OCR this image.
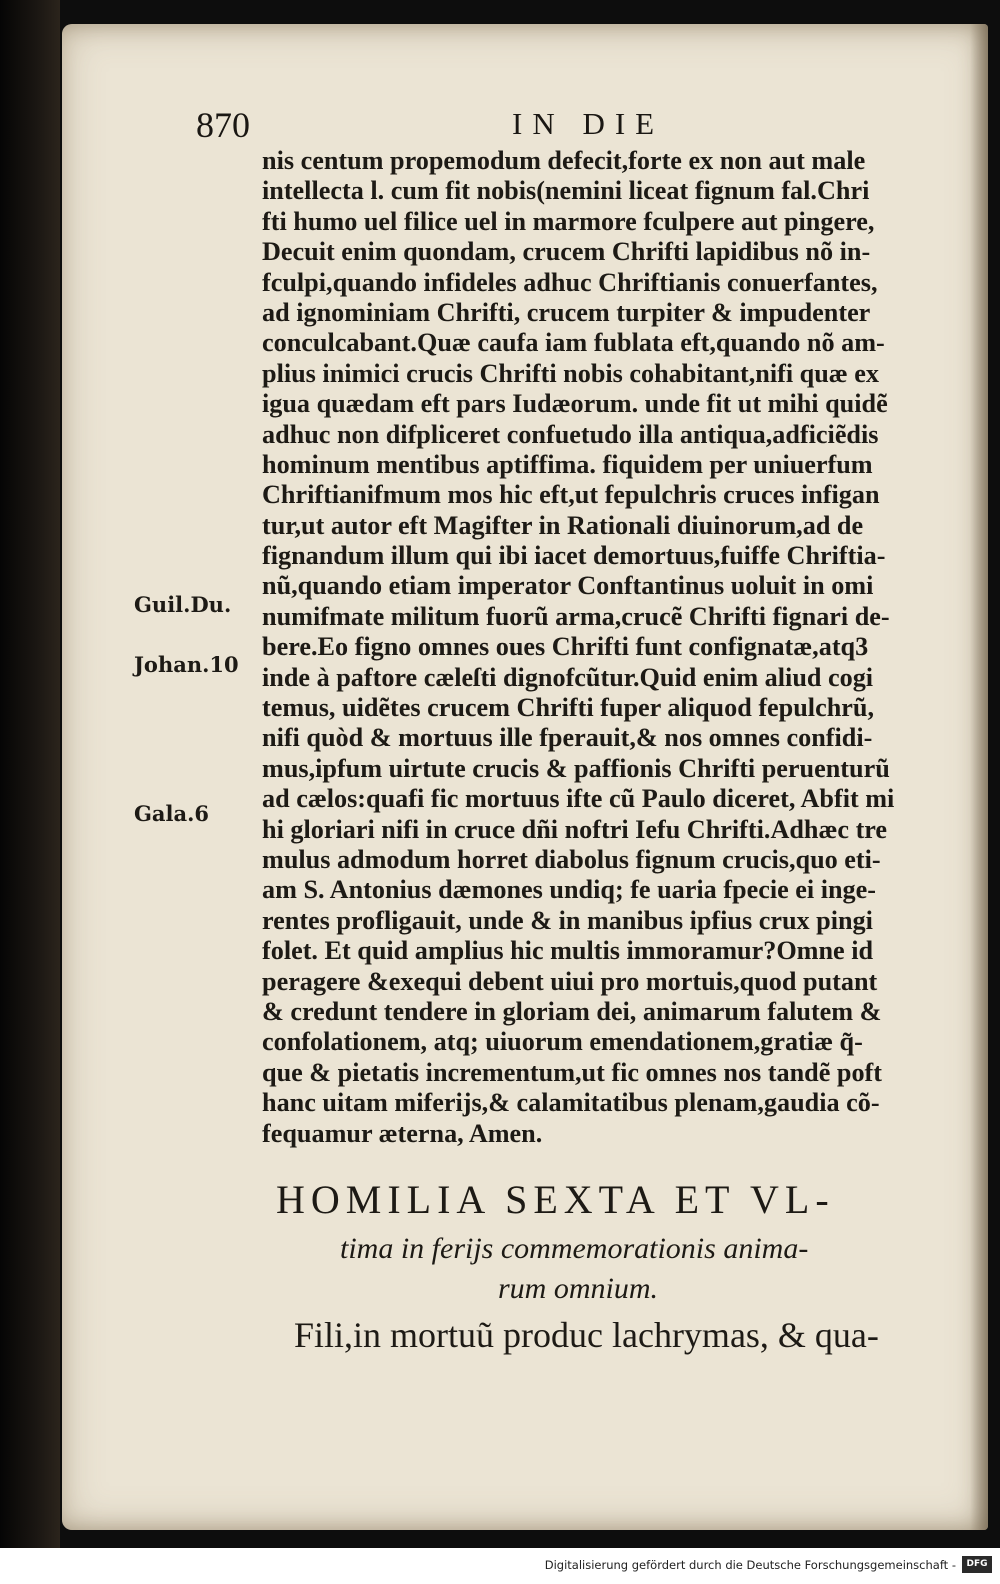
870	IN DIE
nis centum propemodum defecit,forte ex non aut male
intellecta l. cum fit nobis(nemini liceat fignum fal.Chri
fti humo uel filice uel in marmore fculpere aut pingere,
Decuit enim quondam, crucem Chrifti lapidibus nõ in-
fculpi,quando infideles adhuc Chriftianis conuerfantes,
ad ignominiam Chrifti, crucem turpiter & impudenter
conculcabant.Quæ caufa iam fublata eft,quando nõ am-
plius inimici crucis Chrifti nobis cohabitant,nifi quæ ex
igua quædam eft pars Iudæorum. unde fit ut mihi quidẽ
adhuc non difpliceret confuetudo illa antiqua,adficiẽdis
hominum mentibus aptiffima. fiquidem per uniuerfum
Chriftianifmum mos hic eft,ut fepulchris cruces infigan
tur,ut autor eft Magifter in Rationali diuinorum,ad de
fignandum illum qui ibi iacet demortuus,fuiffe Chriftia-
nũ,quando etiam imperator Conftantinus uoluit in omi
numifmate militum fuorũ arma,crucẽ Chrifti fignari de-
bere.Eo figno omnes oues Chrifti funt confignatæ,atq3
inde à paftore cæleſti dignofcũtur.Quid enim aliud cogi
temus, uidẽtes crucem Chrifti fuper aliquod fepulchrũ,
nifi quòd & mortuus ille fperauit,& nos omnes confidi-
mus,ipfum uirtute crucis & paffionis Chrifti peruenturũ
ad cælos:quafi fic mortuus ifte cũ Paulo diceret, Abfit mi
hi gloriari nifi in cruce dñi noftri Iefu Chrifti.Adhæc tre
mulus admodum horret diabolus fignum crucis,quo eti-
am S. Antonius dæmones undiq; fe uaria fpecie ei inge-
rentes profligauit, unde & in manibus ipfius crux pingi
folet. Et quid amplius hic multis immoramur?Omne id
peragere &exequi debent uiui pro mortuis,quod putant
& credunt tendere in gloriam dei, animarum falutem &
confolationem, atq; uiuorum emendationem,gratiæ q̃-
que & pietatis incrementum,ut fic omnes nos tandẽ poft
hanc uitam miferijs,& calamitatibus plenam,gaudia cõ-
fequamur æterna, Amen.
Guil.Du.
Johan.10
Gala.6
HOMILIA SEXTA ET VL-
tima in ferijs commemorationis anima-
rum omnium.
Fili,in mortuũ produc lachrymas, & qua-
Digitalisierung gefördert durch die Deutsche Forschungsgemeinschaft -	DFG
